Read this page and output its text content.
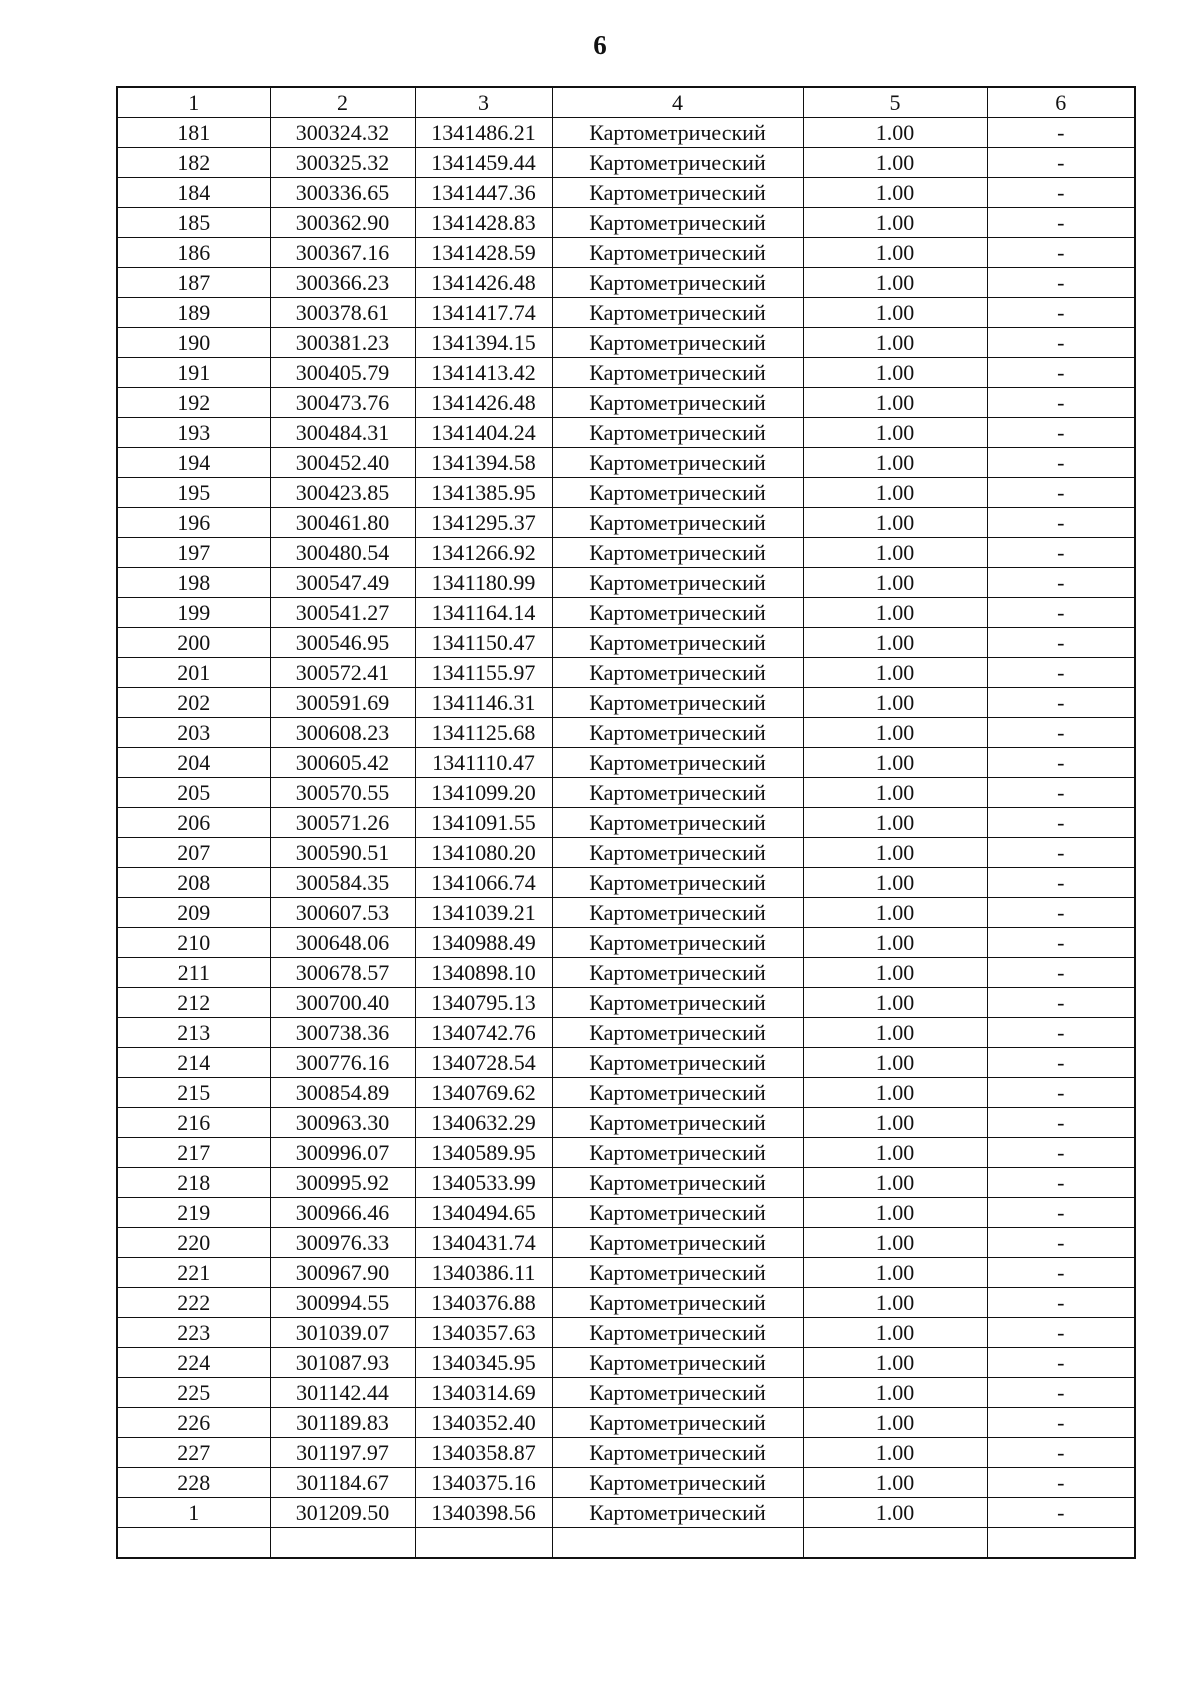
6
1	2	3	4	5	6
181	300324.32	1341486.21	Картометрический	1.00	-
182	300325.32	1341459.44	Картометрический	1.00	-
184	300336.65	1341447.36	Картометрический	1.00	-
185	300362.90	1341428.83	Картометрический	1.00	-
186	300367.16	1341428.59	Картометрический	1.00	-
187	300366.23	1341426.48	Картометрический	1.00	-
189	300378.61	1341417.74	Картометрический	1.00	-
190	300381.23	1341394.15	Картометрический	1.00	-
191	300405.79	1341413.42	Картометрический	1.00	-
192	300473.76	1341426.48	Картометрический	1.00	-
193	300484.31	1341404.24	Картометрический	1.00	-
194	300452.40	1341394.58	Картометрический	1.00	-
195	300423.85	1341385.95	Картометрический	1.00	-
196	300461.80	1341295.37	Картометрический	1.00	-
197	300480.54	1341266.92	Картометрический	1.00	-
198	300547.49	1341180.99	Картометрический	1.00	-
199	300541.27	1341164.14	Картометрический	1.00	-
200	300546.95	1341150.47	Картометрический	1.00	-
201	300572.41	1341155.97	Картометрический	1.00	-
202	300591.69	1341146.31	Картометрический	1.00	-
203	300608.23	1341125.68	Картометрический	1.00	-
204	300605.42	1341110.47	Картометрический	1.00	-
205	300570.55	1341099.20	Картометрический	1.00	-
206	300571.26	1341091.55	Картометрический	1.00	-
207	300590.51	1341080.20	Картометрический	1.00	-
208	300584.35	1341066.74	Картометрический	1.00	-
209	300607.53	1341039.21	Картометрический	1.00	-
210	300648.06	1340988.49	Картометрический	1.00	-
211	300678.57	1340898.10	Картометрический	1.00	-
212	300700.40	1340795.13	Картометрический	1.00	-
213	300738.36	1340742.76	Картометрический	1.00	-
214	300776.16	1340728.54	Картометрический	1.00	-
215	300854.89	1340769.62	Картометрический	1.00	-
216	300963.30	1340632.29	Картометрический	1.00	-
217	300996.07	1340589.95	Картометрический	1.00	-
218	300995.92	1340533.99	Картометрический	1.00	-
219	300966.46	1340494.65	Картометрический	1.00	-
220	300976.33	1340431.74	Картометрический	1.00	-
221	300967.90	1340386.11	Картометрический	1.00	-
222	300994.55	1340376.88	Картометрический	1.00	-
223	301039.07	1340357.63	Картометрический	1.00	-
224	301087.93	1340345.95	Картометрический	1.00	-
225	301142.44	1340314.69	Картометрический	1.00	-
226	301189.83	1340352.40	Картометрический	1.00	-
227	301197.97	1340358.87	Картометрический	1.00	-
228	301184.67	1340375.16	Картометрический	1.00	-
1	301209.50	1340398.56	Картометрический	1.00	-
